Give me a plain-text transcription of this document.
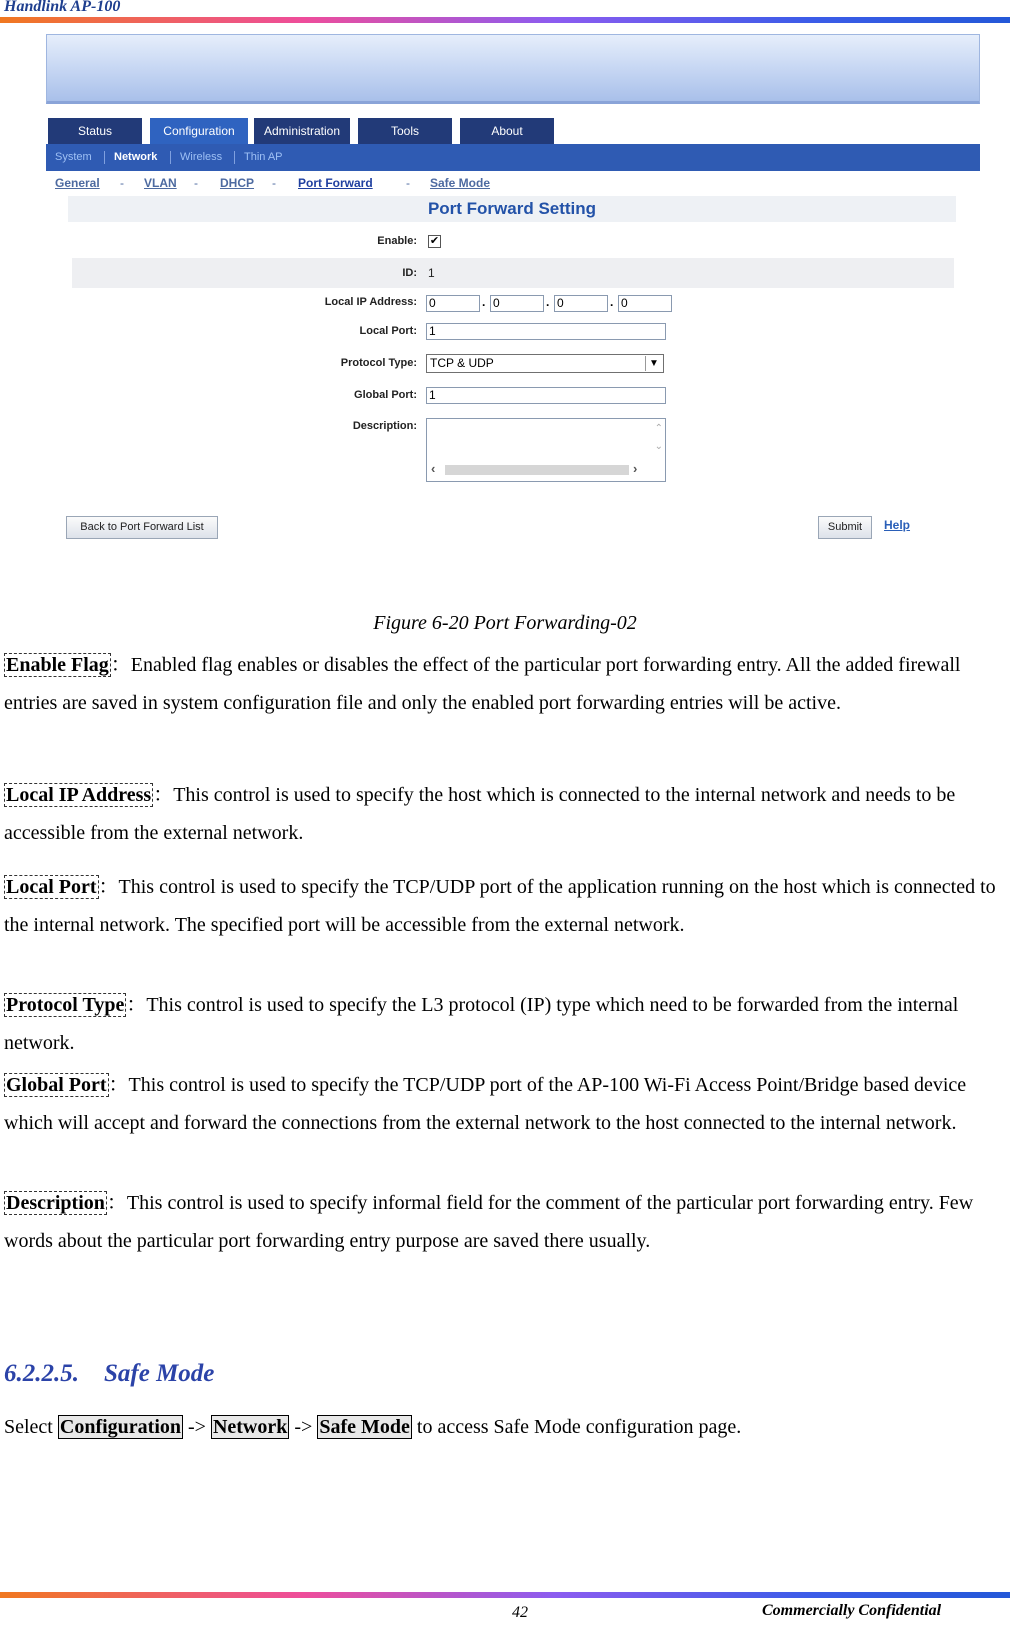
Handlink AP-100
Status	Configuration	Administration	Tools	About
System Network Wireless Thin AP
General - VLAN - DHCP - Port Forward	- Safe Mode
Port Forward Setting
Enable: ✔
ID: 1
Local IP Address: 0	. 0	. 0	. 0
Local Port: 1
Protocol Type:	TCP & UDP	▼
Global Port: 1
Description:	⌃
⌄
‹	›
Back to Port Forward List	Submit	Help
Figure 6-20 Port Forwarding-02
Enable Flag ：Enabled flag enables or disables the effect of the particular port forwarding entry. All the added firewall entries are saved in system configuration file and only the enabled port forwarding entries will be active.
Local IP Address ：This control is used to specify the host which is connected to the internal network and needs to be accessible from the external network.
Local Port ：This control is used to specify the TCP/UDP port of the application running on the host which is connected to the internal network. The specified port will be accessible from the external network.
Protocol Type ：This control is used to specify the L3 protocol (IP) type which need to be forwarded from the internal network.
Global Port ：This control is used to specify the TCP/UDP port of the AP-100 Wi-Fi Access Point/Bridge based device which will accept and forward the connections from the external network to the host connected to the internal network.
Description ：This control is used to specify informal field for the comment of the particular port forwarding entry. Few words about the particular port forwarding entry purpose are saved there usually.
6.2.2.5. Safe Mode
Select Configuration -> Network -> Safe Mode to access Safe Mode configuration page.
42	Commercially Confidential
